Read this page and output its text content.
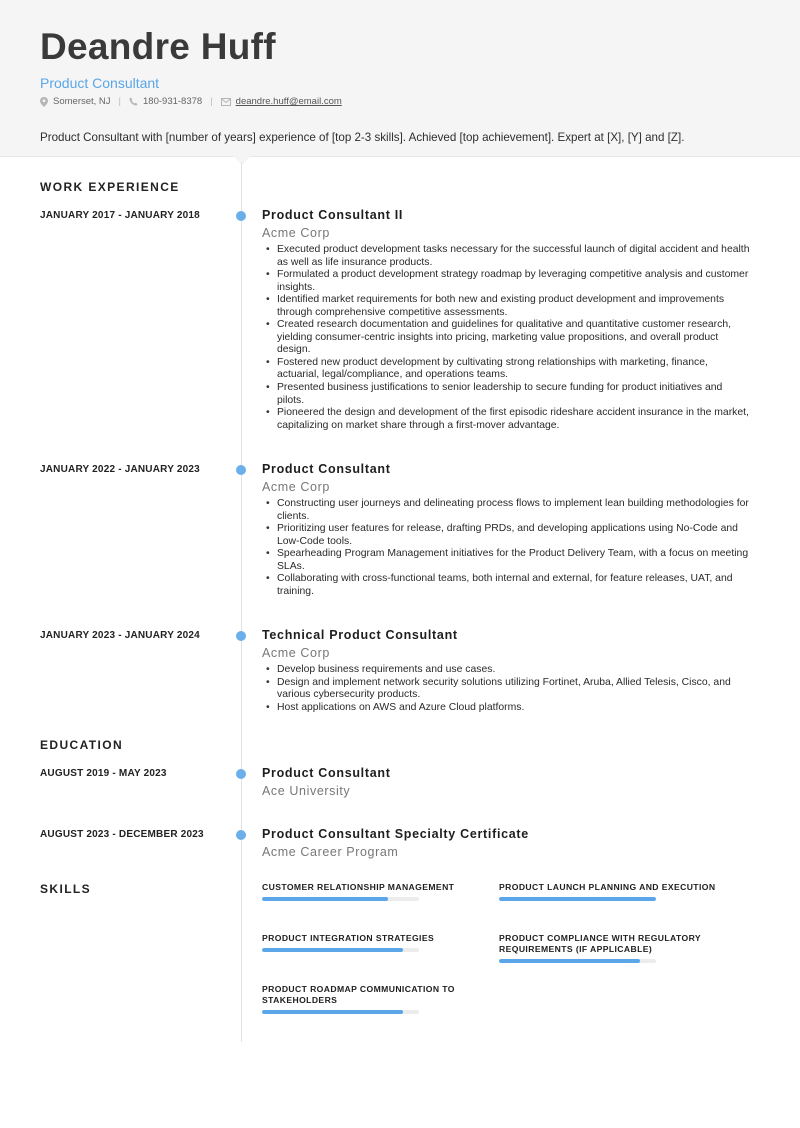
Deandre Huff
Product Consultant
Somerset, NJ | 180-931-8378 | deandre.huff@email.com
Product Consultant with [number of years] experience of [top 2-3 skills]. Achieved [top achievement]. Expert at [X], [Y] and [Z].
WORK EXPERIENCE
JANUARY 2017 - JANUARY 2018	Product Consultant II
Acme Corp
• Executed product development tasks necessary for the successful launch of digital accident and health as well as life insurance products.
• Formulated a product development strategy roadmap by leveraging competitive analysis and customer insights.
• Identified market requirements for both new and existing product development and improvements through comprehensive competitive assessments.
• Created research documentation and guidelines for qualitative and quantitative customer research, yielding consumer-centric insights into pricing, marketing value propositions, and overall product design.
• Fostered new product development by cultivating strong relationships with marketing, finance, actuarial, legal/compliance, and operations teams.
• Presented business justifications to senior leadership to secure funding for product initiatives and pilots.
• Pioneered the design and development of the first episodic rideshare accident insurance in the market, capitalizing on market share through a first-mover advantage.
JANUARY 2022 - JANUARY 2023	Product Consultant
Acme Corp
• Constructing user journeys and delineating process flows to implement lean building methodologies for clients.
• Prioritizing user features for release, drafting PRDs, and developing applications using No-Code and Low-Code tools.
• Spearheading Program Management initiatives for the Product Delivery Team, with a focus on meeting SLAs.
• Collaborating with cross-functional teams, both internal and external, for feature releases, UAT, and training.
JANUARY 2023 - JANUARY 2024	Technical Product Consultant
Acme Corp
• Develop business requirements and use cases.
• Design and implement network security solutions utilizing Fortinet, Aruba, Allied Telesis, Cisco, and various cybersecurity products.
• Host applications on AWS and Azure Cloud platforms.
EDUCATION
AUGUST 2019 - MAY 2023	Product Consultant
Ace University
AUGUST 2023 - DECEMBER 2023	Product Consultant Specialty Certificate
Acme Career Program
SKILLS	CUSTOMER RELATIONSHIP MANAGEMENT	PRODUCT LAUNCH PLANNING AND EXECUTION
PRODUCT INTEGRATION STRATEGIES	PRODUCT COMPLIANCE WITH REGULATORY REQUIREMENTS (IF APPLICABLE)
PRODUCT ROADMAP COMMUNICATION TO STAKEHOLDERS
